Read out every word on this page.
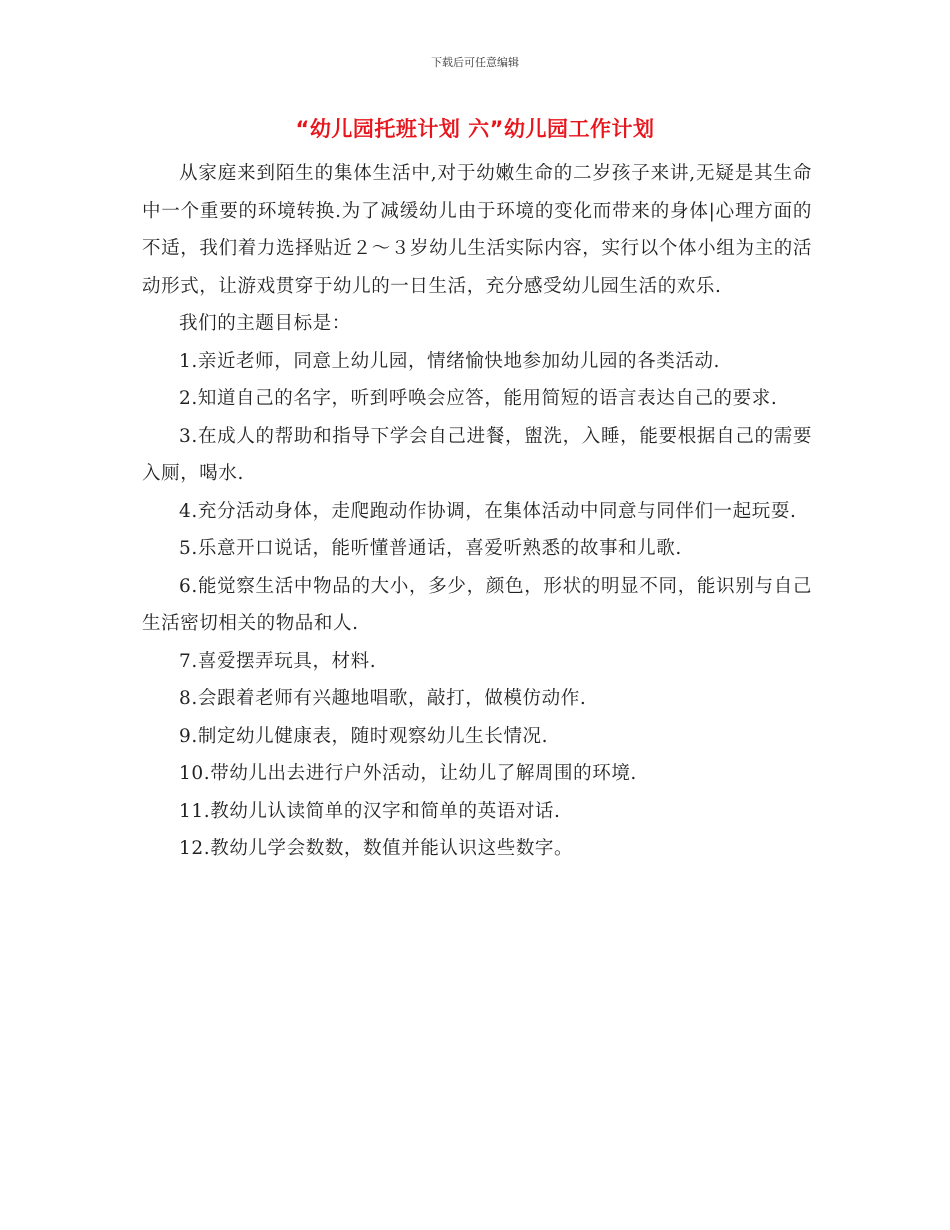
下载后可任意编辑
“幼儿园托班计划 六”幼儿园工作计划

从家庭来到陌生的集体生活中,对于幼嫩生命的二岁孩子来讲,无疑是其生命中一个重要的环境转换.为了减缓幼儿由于环境的变化而带来的身体|心理方面的不适，我们着力选择贴近２～３岁幼儿生活实际内容，实行以个体小组为主的活动形式，让游戏贯穿于幼儿的一日生活，充分感受幼儿园生活的欢乐.

我们的主题目标是：

1.亲近老师，同意上幼儿园，情绪愉快地参加幼儿园的各类活动.

2.知道自己的名字，听到呼唤会应答，能用简短的语言表达自己的要求.

3.在成人的帮助和指导下学会自己进餐，盥洗，入睡，能要根据自己的需要入厕，喝水.

4.充分活动身体，走爬跑动作协调，在集体活动中同意与同伴们一起玩耍.

5.乐意开口说话，能听懂普通话，喜爱听熟悉的故事和儿歌.

6.能觉察生活中物品的大小，多少，颜色，形状的明显不同，能识别与自己生活密切相关的物品和人.

7.喜爱摆弄玩具，材料.

8.会跟着老师有兴趣地唱歌，敲打，做模仿动作.

9.制定幼儿健康表，随时观察幼儿生长情况.

10.带幼儿出去进行户外活动，让幼儿了解周围的环境.

11.教幼儿认读简单的汉字和简单的英语对话.

12.教幼儿学会数数，数值并能认识这些数字。
